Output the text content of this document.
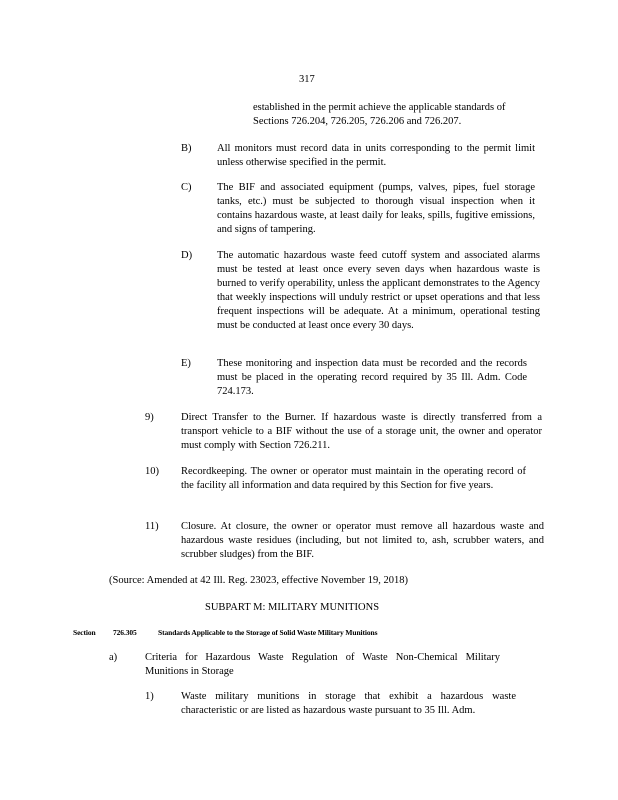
317
established in the permit achieve the applicable standards of
Sections 726.204, 726.205, 726.206 and 726.207.
B) All monitors must record data in units corresponding to the permit limit unless otherwise specified in the permit.
C) The BIF and associated equipment (pumps, valves, pipes, fuel storage tanks, etc.) must be subjected to thorough visual inspection when it contains hazardous waste, at least daily for leaks, spills, fugitive emissions, and signs of tampering.
D) The automatic hazardous waste feed cutoff system and associated alarms must be tested at least once every seven days when hazardous waste is burned to verify operability, unless the applicant demonstrates to the Agency that weekly inspections will unduly restrict or upset operations and that less frequent inspections will be adequate. At a minimum, operational testing must be conducted at least once every 30 days.
E) These monitoring and inspection data must be recorded and the records must be placed in the operating record required by 35 Ill. Adm. Code 724.173.
9)	Direct Transfer to the Burner. If hazardous waste is directly transferred from a transport vehicle to a BIF without the use of a storage unit, the owner and operator must comply with Section 726.211.
10) Recordkeeping. The owner or operator must maintain in the operating record of the facility all information and data required by this Section for five years.
11) Closure. At closure, the owner or operator must remove all hazardous waste and hazardous waste residues (including, but not limited to, ash, scrubber waters, and scrubber sludges) from the BIF.
(Source: Amended at 42 Ill. Reg. 23023, effective November 19, 2018)
SUBPART M: MILITARY MUNITIONS
Section 726.305	Standards Applicable to the Storage of Solid Waste Military Munitions
a)	Criteria for Hazardous Waste Regulation of Waste Non-Chemical Military Munitions in Storage
1)	Waste military munitions in storage that exhibit a hazardous waste characteristic or are listed as hazardous waste pursuant to 35 Ill. Adm.
